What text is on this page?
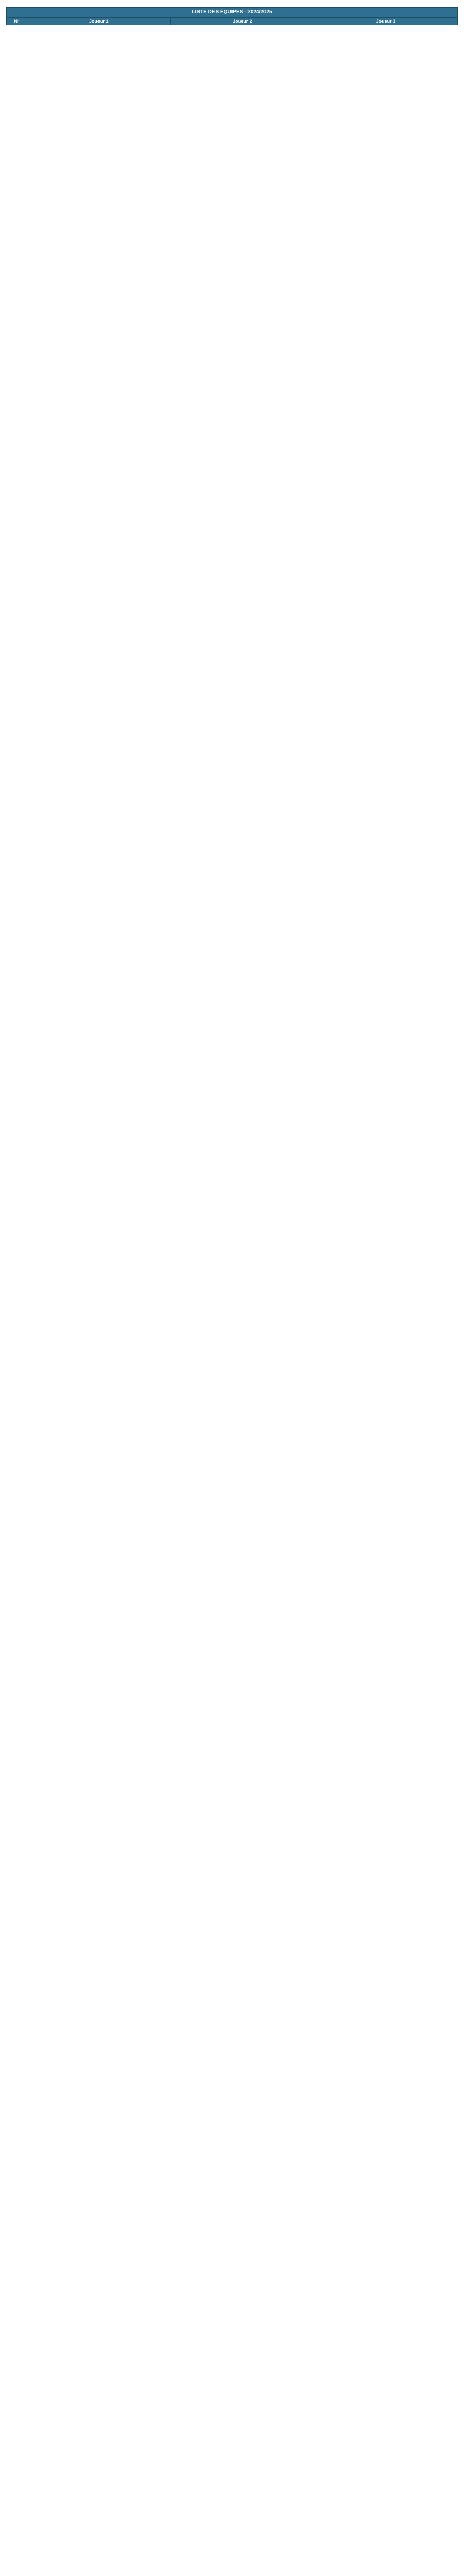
LISTE DES ÉQUIPES - 2024/2025
N°	Joueur 1	Joueur 2	Joueur 3
